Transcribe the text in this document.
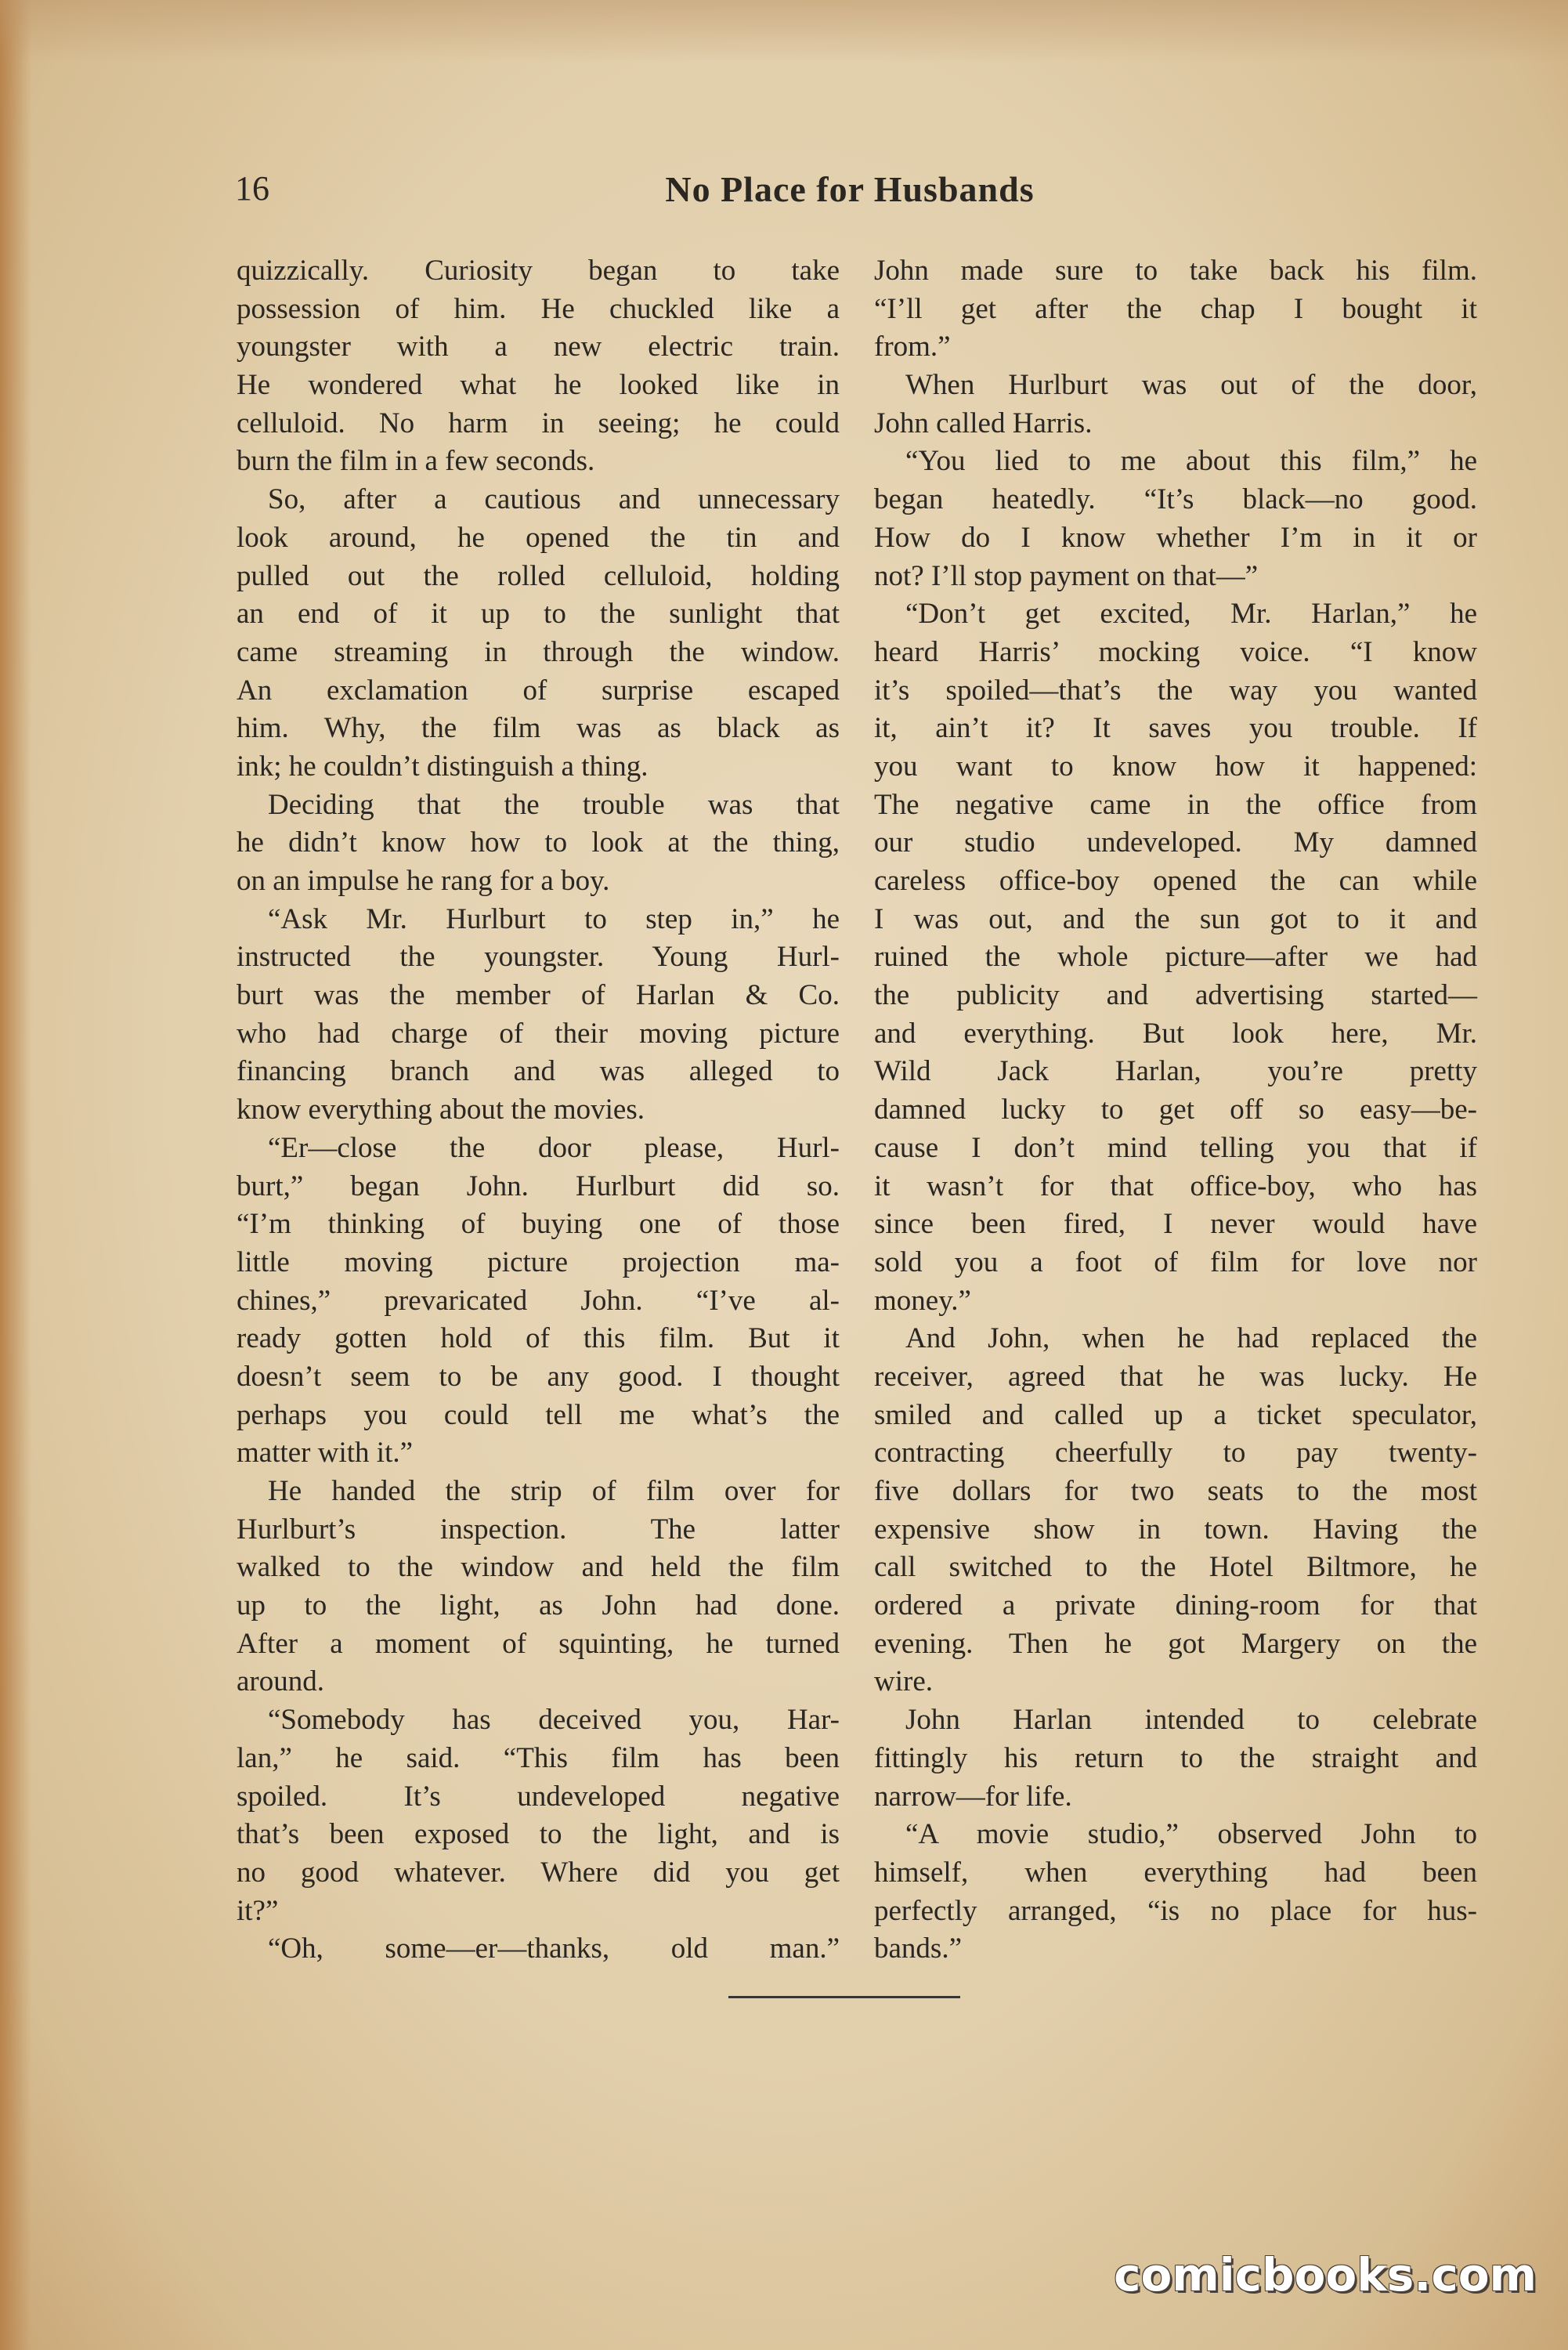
16	No Place for Husbands
quizzically. Curiosity began to take
possession of him. He chuckled like a
youngster with a new electric train.
He wondered what he looked like in
celluloid. No harm in seeing; he could
burn the film in a few seconds.
So, after a cautious and unnecessary
look around, he opened the tin and
pulled out the rolled celluloid, holding
an end of it up to the sunlight that
came streaming in through the window.
An exclamation of surprise escaped
him. Why, the film was as black as
ink; he couldn’t distinguish a thing.
Deciding that the trouble was that
he didn’t know how to look at the thing,
on an impulse he rang for a boy.
“Ask Mr. Hurlburt to step in,” he
instructed the youngster. Young Hurl-
burt was the member of Harlan & Co.
who had charge of their moving picture
financing branch and was alleged to
know everything about the movies.
“Er—close the door please, Hurl-
burt,” began John. Hurlburt did so.
“I’m thinking of buying one of those
little moving picture projection ma-
chines,” prevaricated John. “I’ve al-
ready gotten hold of this film. But it
doesn’t seem to be any good. I thought
perhaps you could tell me what’s the
matter with it.”
He handed the strip of film over for
Hurlburt’s inspection. The latter
walked to the window and held the film
up to the light, as John had done.
After a moment of squinting, he turned
around.
“Somebody has deceived you, Har-
lan,” he said. “This film has been
spoiled. It’s undeveloped negative
that’s been exposed to the light, and is
no good whatever. Where did you get
it?”
“Oh, some—er—thanks, old man.”
John made sure to take back his film.
“I’ll get after the chap I bought it
from.”
When Hurlburt was out of the door,
John called Harris.
“You lied to me about this film,” he
began heatedly. “It’s black—no good.
How do I know whether I’m in it or
not? I’ll stop payment on that—”
“Don’t get excited, Mr. Harlan,” he
heard Harris’ mocking voice. “I know
it’s spoiled—that’s the way you wanted
it, ain’t it? It saves you trouble. If
you want to know how it happened:
The negative came in the office from
our studio undeveloped. My damned
careless office-boy opened the can while
I was out, and the sun got to it and
ruined the whole picture—after we had
the publicity and advertising started—
and everything. But look here, Mr.
Wild Jack Harlan, you’re pretty
damned lucky to get off so easy—be-
cause I don’t mind telling you that if
it wasn’t for that office-boy, who has
since been fired, I never would have
sold you a foot of film for love nor
money.”
And John, when he had replaced the
receiver, agreed that he was lucky. He
smiled and called up a ticket speculator,
contracting cheerfully to pay twenty-
five dollars for two seats to the most
expensive show in town. Having the
call switched to the Hotel Biltmore, he
ordered a private dining-room for that
evening. Then he got Margery on the
wire.
John Harlan intended to celebrate
fittingly his return to the straight and
narrow—for life.
“A movie studio,” observed John to
himself, when everything had been
perfectly arranged, “is no place for hus-
bands.”
comicbooks.com
